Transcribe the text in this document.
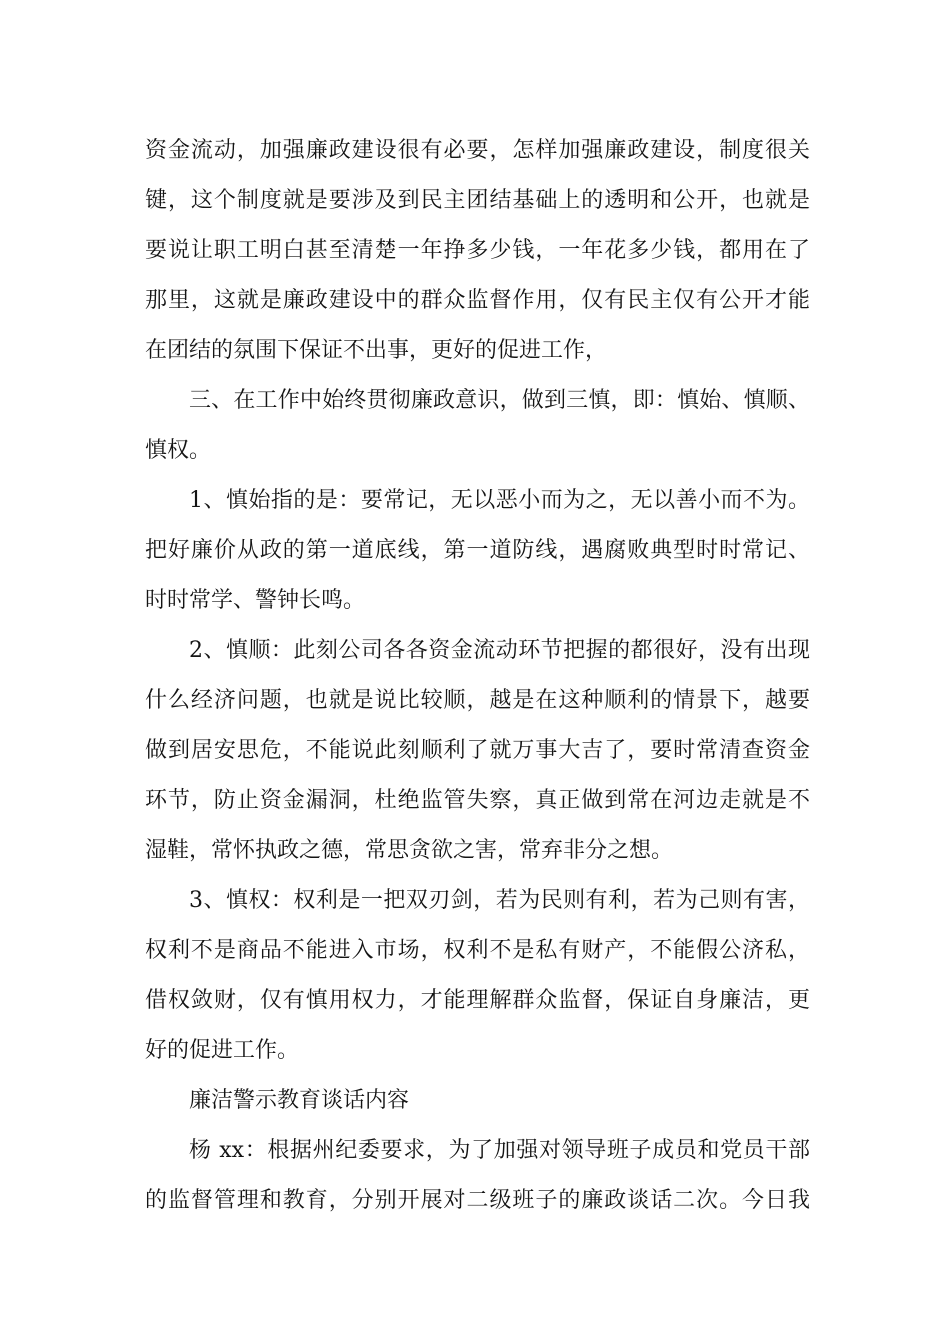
资金流动，加强廉政建设很有必要，怎样加强廉政建设，制度很关
键，这个制度就是要涉及到民主团结基础上的透明和公开，也就是
要说让职工明白甚至清楚一年挣多少钱，一年花多少钱，都用在了
那里，这就是廉政建设中的群众监督作用，仅有民主仅有公开才能
在团结的氛围下保证不出事，更好的促进工作，
三、在工作中始终贯彻廉政意识，做到三慎，即：慎始、慎顺、
慎权。
1、慎始指的是：要常记，无以恶小而为之，无以善小而不为。
把好廉价从政的第一道底线，第一道防线，遇腐败典型时时常记、
时时常学、警钟长鸣。
2、慎顺：此刻公司各各资金流动环节把握的都很好，没有出现
什么经济问题，也就是说比较顺，越是在这种顺利的情景下，越要
做到居安思危，不能说此刻顺利了就万事大吉了，要时常清查资金
环节，防止资金漏洞，杜绝监管失察，真正做到常在河边走就是不
湿鞋，常怀执政之德，常思贪欲之害，常弃非分之想。
3、慎权：权利是一把双刃剑，若为民则有利，若为己则有害，
权利不是商品不能进入市场，权利不是私有财产，不能假公济私，
借权敛财，仅有慎用权力，才能理解群众监督，保证自身廉洁，更
好的促进工作。
廉洁警示教育谈话内容
杨 xx：根据州纪委要求，为了加强对领导班子成员和党员干部
的监督管理和教育，分别开展对二级班子的廉政谈话二次。今日我
